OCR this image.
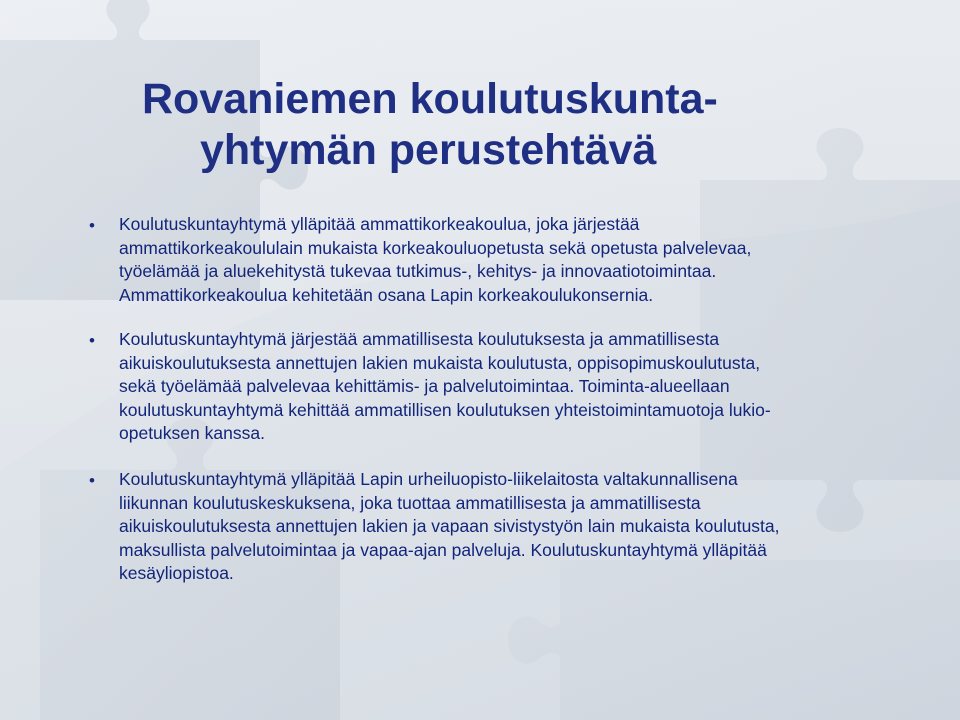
Rovaniemen koulutuskunta-
yhtymän perustehtävä
• Koulutuskuntayhtymä ylläpitää ammattikorkeakoulua, joka järjestää
ammattikorkeakoululain mukaista korkeakouluopetusta sekä opetusta palvelevaa,
työelämää ja aluekehitystä tukevaa tutkimus-, kehitys- ja innovaatiotoimintaa.
Ammattikorkeakoulua kehitetään osana Lapin korkeakoulukonsernia.
• Koulutuskuntayhtymä järjestää ammatillisesta koulutuksesta ja ammatillisesta
aikuiskoulutuksesta annettujen lakien mukaista koulutusta, oppisopimuskoulutusta,
sekä työelämää palvelevaa kehittämis- ja palvelutoimintaa. Toiminta-alueellaan
koulutuskuntayhtymä kehittää ammatillisen koulutuksen yhteistoimintamuotoja lukio-
opetuksen kanssa.
• Koulutuskuntayhtymä ylläpitää Lapin urheiluopisto-liikelaitosta valtakunnallisena
liikunnan koulutuskeskuksena, joka tuottaa ammatillisesta ja ammatillisesta
aikuiskoulutuksesta annettujen lakien ja vapaan sivistystyön lain mukaista koulutusta,
maksullista palvelutoimintaa ja vapaa-ajan palveluja. Koulutuskuntayhtymä ylläpitää
kesäyliopistoa.
